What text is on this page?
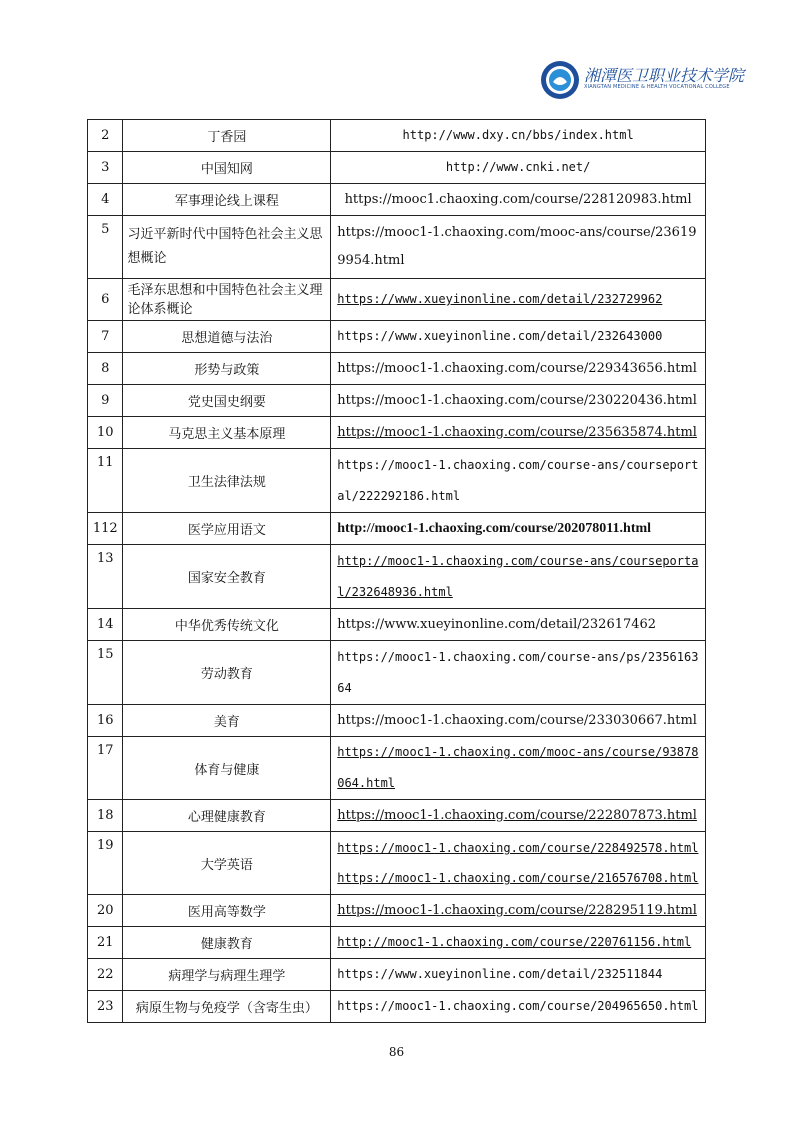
湘潭医卫职业技术学院
XIANGTAN MEDICINE & HEALTH VOCATIONAL COLLEGE
2	丁香园	http://www.dxy.cn/bbs/index.html
3	中国知网	http://www.cnki.net/
4	军事理论线上课程	https://mooc1.chaoxing.com/course/228120983.html
5	习近平新时代中国特色社会主义思想概论	https://mooc1-1.chaoxing.com/mooc-ans/course/236199954.html
6	毛泽东思想和中国特色社会主义理论体系概论	https://www.xueyinonline.com/detail/232729962
7	思想道德与法治	https://www.xueyinonline.com/detail/232643000
8	形势与政策	https://mooc1-1.chaoxing.com/course/229343656.html
9	党史国史纲要	https://mooc1-1.chaoxing.com/course/230220436.html
10	马克思主义基本原理	https://mooc1-1.chaoxing.com/course/235635874.html
11	卫生法律法规	https://mooc1-1.chaoxing.com/course-ans/courseportal/222292186.html
112	医学应用语文	http://mooc1-1.chaoxing.com/course/202078011.html
13	国家安全教育	http://mooc1-1.chaoxing.com/course-ans/courseportal/232648936.html
14	中华优秀传统文化	https://www.xueyinonline.com/detail/232617462
15	劳动教育	https://mooc1-1.chaoxing.com/course-ans/ps/235616364
16	美育	https://mooc1-1.chaoxing.com/course/233030667.html
17	体育与健康	https://mooc1-1.chaoxing.com/mooc-ans/course/93878064.html
18	心理健康教育	https://mooc1-1.chaoxing.com/course/222807873.html
19	大学英语	https://mooc1-1.chaoxing.com/course/228492578.html
https://mooc1-1.chaoxing.com/course/216576708.html

20	医用高等数学	https://mooc1-1.chaoxing.com/course/228295119.html
21	健康教育	http://mooc1-1.chaoxing.com/course/220761156.html
22	病理学与病理生理学	https://www.xueyinonline.com/detail/232511844
23	病原生物与免疫学（含寄生虫）	https://mooc1-1.chaoxing.com/course/204965650.html
86
